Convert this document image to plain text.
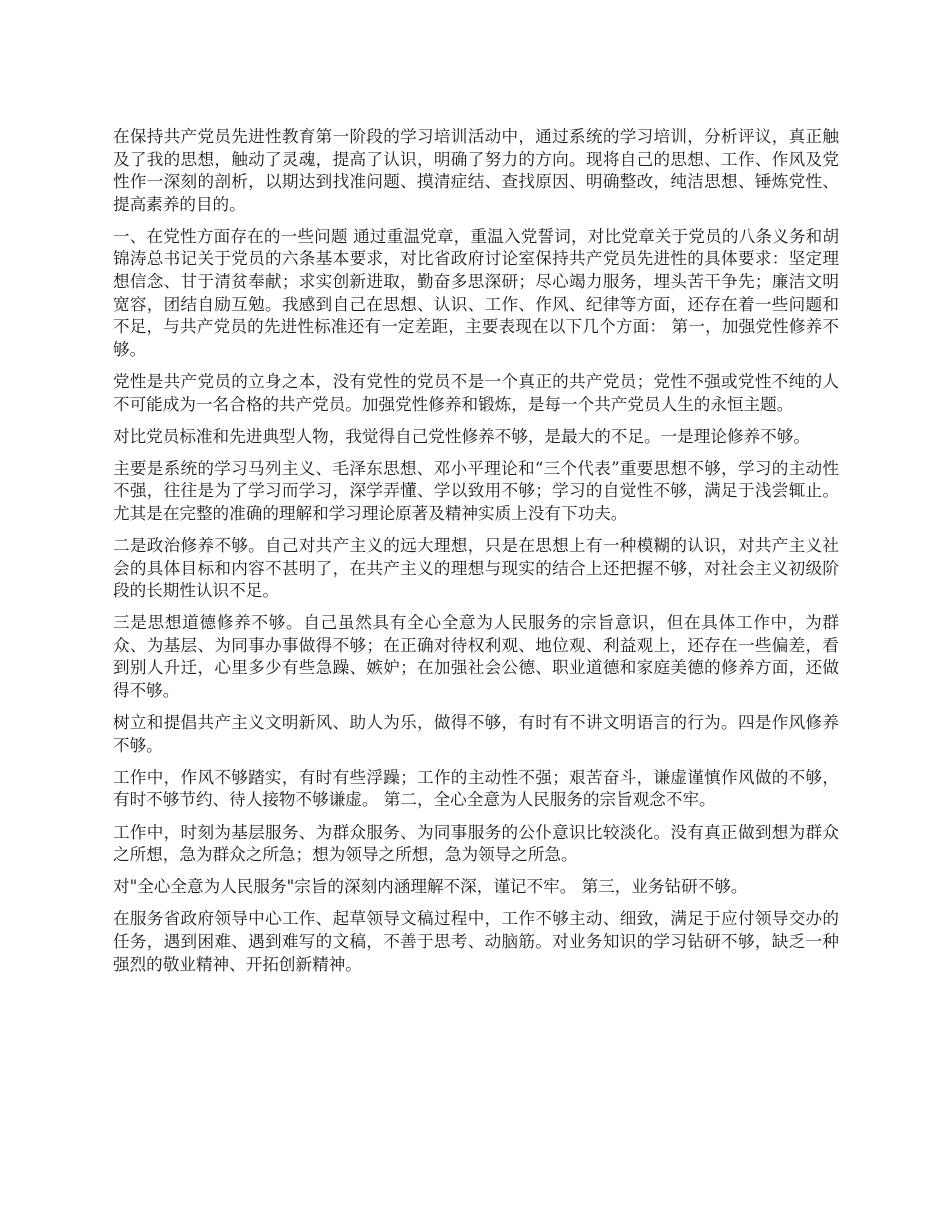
在保持共产党员先进性教育第一阶段的学习培训活动中，通过系统的学习培训，分析评议，真正触及了我的思想，触动了灵魂，提高了认识，明确了努力的方向。现将自己的思想、工作、作风及党性作一深刻的剖析，以期达到找准问题、摸清症结、查找原因、明确整改，纯洁思想、锤炼党性、提高素养的目的。

一、在党性方面存在的一些问题 通过重温党章，重温入党誓词，对比党章关于党员的八条义务和胡锦涛总书记关于党员的六条基本要求，对比省政府讨论室保持共产党员先进性的具体要求：坚定理想信念、甘于清贫奉献；求实创新进取，勤奋多思深研；尽心竭力服务，埋头苦干争先；廉洁文明宽容，团结自励互勉。我感到自己在思想、认识、工作、作风、纪律等方面，还存在着一些问题和不足，与共产党员的先进性标准还有一定差距，主要表现在以下几个方面： 第一，加强党性修养不够。

党性是共产党员的立身之本，没有党性的党员不是一个真正的共产党员；党性不强或党性不纯的人不可能成为一名合格的共产党员。加强党性修养和锻炼，是每一个共产党员人生的永恒主题。

对比党员标准和先进典型人物，我觉得自己党性修养不够，是最大的不足。一是理论修养不够。

主要是系统的学习马列主义、毛泽东思想、邓小平理论和“三个代表”重要思想不够，学习的主动性不强，往往是为了学习而学习，深学弄懂、学以致用不够；学习的自觉性不够，满足于浅尝辄止。尤其是在完整的准确的理解和学习理论原著及精神实质上没有下功夫。

二是政治修养不够。自己对共产主义的远大理想，只是在思想上有一种模糊的认识，对共产主义社会的具体目标和内容不甚明了，在共产主义的理想与现实的结合上还把握不够，对社会主义初级阶段的长期性认识不足。

三是思想道德修养不够。自己虽然具有全心全意为人民服务的宗旨意识，但在具体工作中，为群众、为基层、为同事办事做得不够；在正确对待权利观、地位观、利益观上，还存在一些偏差，看到别人升迁，心里多少有些急躁、嫉妒；在加强社会公德、职业道德和家庭美德的修养方面，还做得不够。

树立和提倡共产主义文明新风、助人为乐，做得不够，有时有不讲文明语言的行为。四是作风修养不够。

工作中，作风不够踏实，有时有些浮躁；工作的主动性不强；艰苦奋斗，谦虚谨慎作风做的不够，有时不够节约、待人接物不够谦虚。 第二，全心全意为人民服务的宗旨观念不牢。

工作中，时刻为基层服务、为群众服务、为同事服务的公仆意识比较淡化。没有真正做到想为群众之所想，急为群众之所急；想为领导之所想，急为领导之所急。

对"全心全意为人民服务"宗旨的深刻内涵理解不深，谨记不牢。 第三，业务钻研不够。

在服务省政府领导中心工作、起草领导文稿过程中，工作不够主动、细致，满足于应付领导交办的任务，遇到困难、遇到难写的文稿，不善于思考、动脑筋。对业务知识的学习钻研不够，缺乏一种强烈的敬业精神、开拓创新精神。
